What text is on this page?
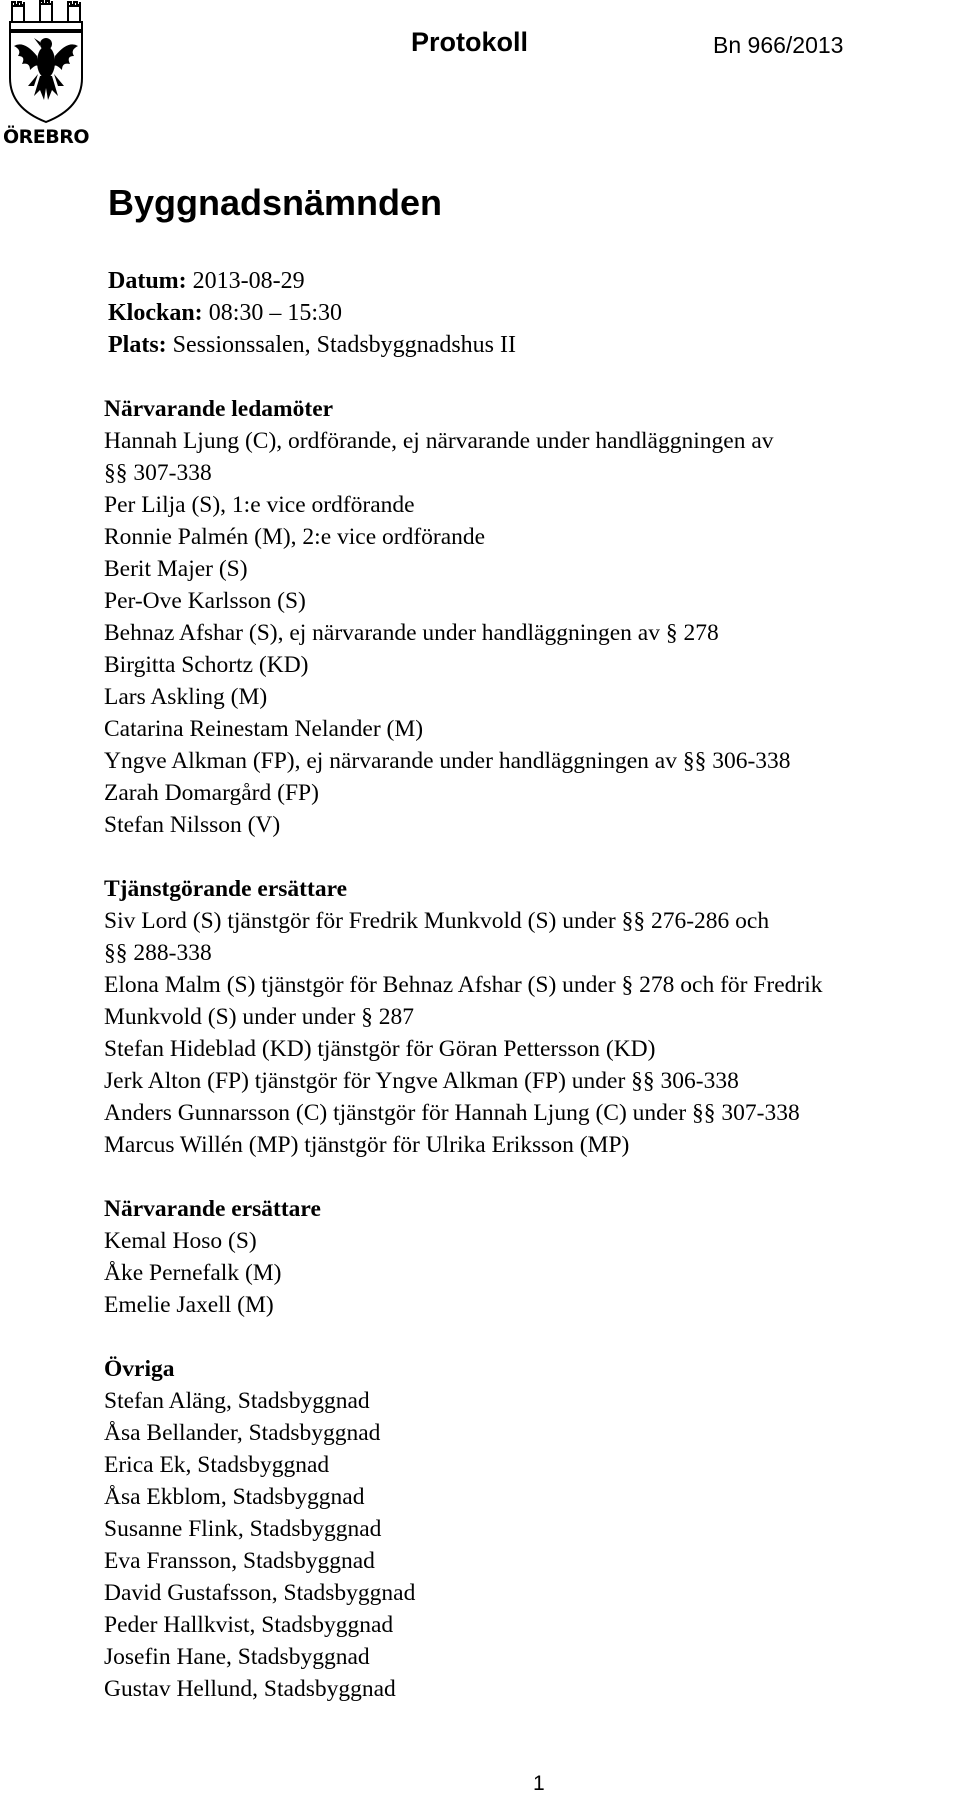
ÖREBRO
Protokoll	Bn 966/2013
Byggnadsnämnden
Datum: 2013-08-29
Klockan: 08:30 – 15:30
Plats: Sessionssalen, Stadsbyggnadshus II

Närvarande ledamöter

Hannah Ljung (C), ordförande, ej närvarande under handläggningen av
§§ 307-338
Per Lilja (S), 1:e vice ordförande
Ronnie Palmén (M), 2:e vice ordförande
Berit Majer (S)
Per-Ove Karlsson (S)
Behnaz Afshar (S), ej närvarande under handläggningen av § 278
Birgitta Schortz (KD)
Lars Askling (M)
Catarina Reinestam Nelander (M)
Yngve Alkman (FP), ej närvarande under handläggningen av §§ 306-338
Zarah Domargård (FP)
Stefan Nilsson (V)

Tjänstgörande ersättare

Siv Lord (S) tjänstgör för Fredrik Munkvold (S) under §§ 276-286 och
§§ 288-338
Elona Malm (S) tjänstgör för Behnaz Afshar (S) under § 278 och för Fredrik
Munkvold (S) under under § 287
Stefan Hideblad (KD) tjänstgör för Göran Pettersson (KD)
Jerk Alton (FP) tjänstgör för Yngve Alkman (FP) under §§ 306-338
Anders Gunnarsson (C) tjänstgör för Hannah Ljung (C) under §§ 307-338
Marcus Willén (MP) tjänstgör för Ulrika Eriksson (MP)

Närvarande ersättare

Kemal Hoso (S)
Åke Pernefalk (M)
Emelie Jaxell (M)

Övriga

Stefan Aläng, Stadsbyggnad
Åsa Bellander, Stadsbyggnad
Erica Ek, Stadsbyggnad
Åsa Ekblom, Stadsbyggnad
Susanne Flink, Stadsbyggnad
Eva Fransson, Stadsbyggnad
David Gustafsson, Stadsbyggnad
Peder Hallkvist, Stadsbyggnad
Josefin Hane, Stadsbyggnad
Gustav Hellund, Stadsbyggnad
1
